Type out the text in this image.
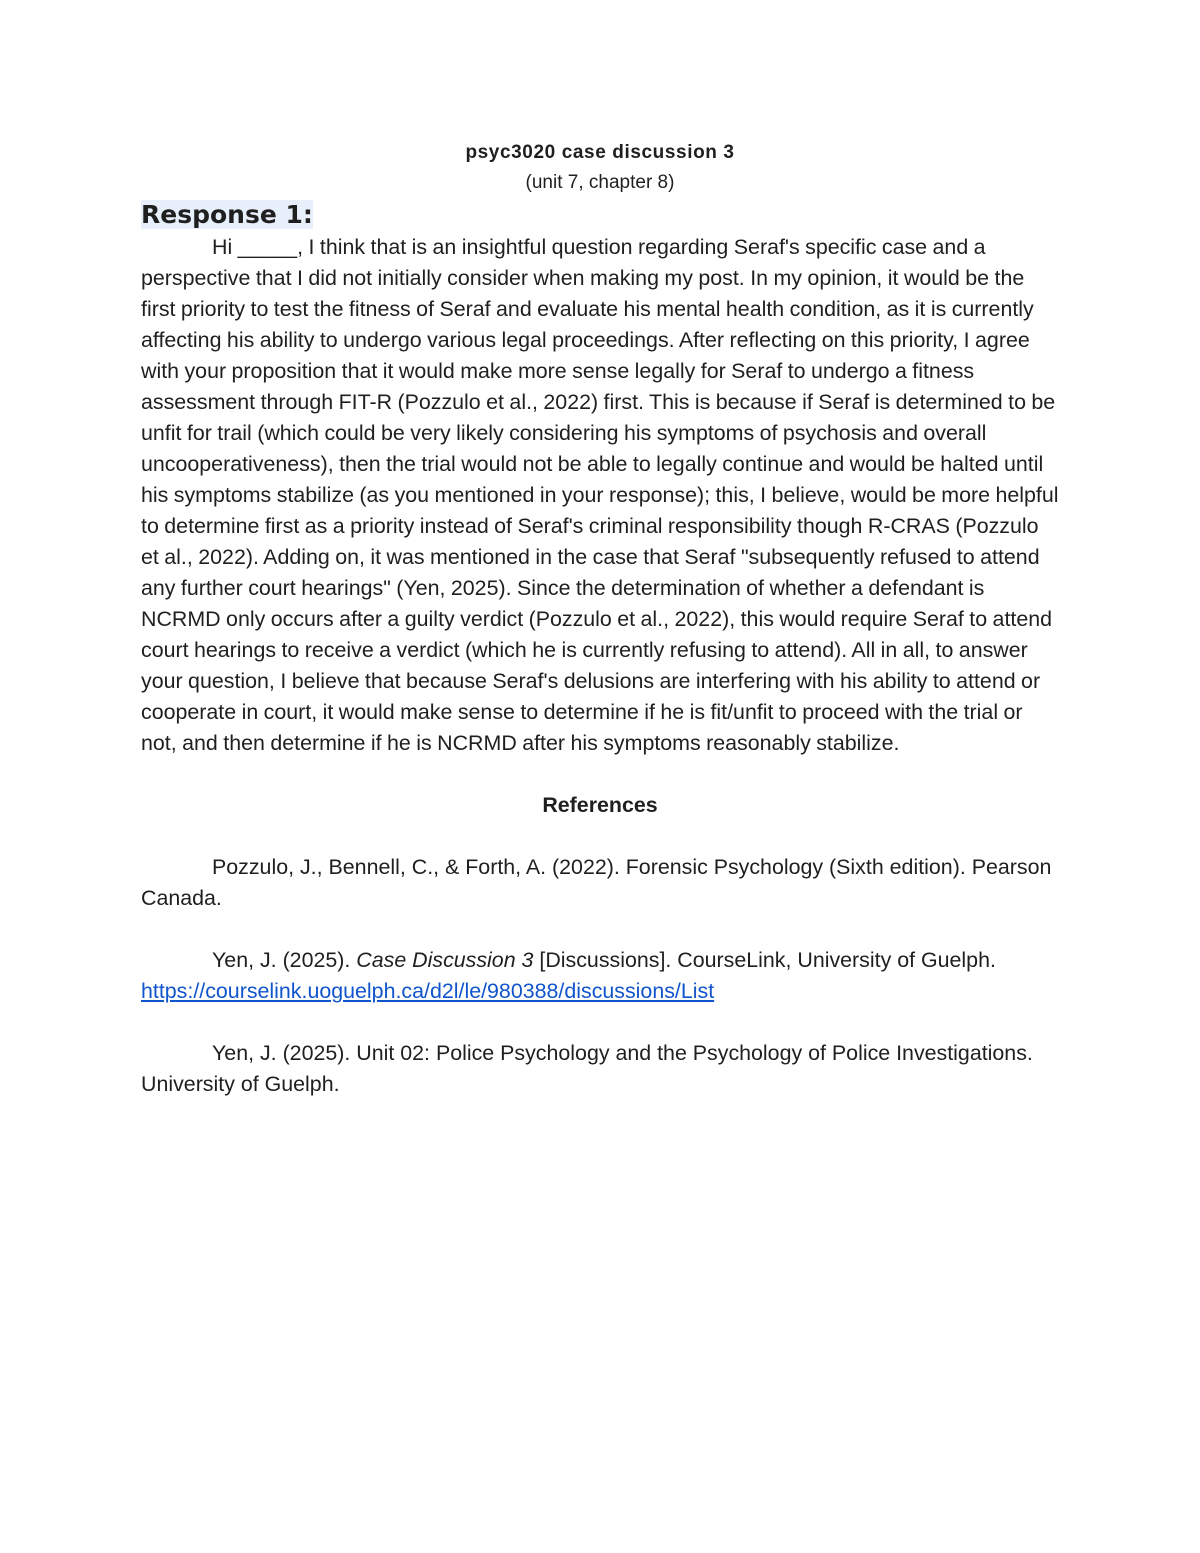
psyc3020 case discussion 3

(unit 7, chapter 8)

Response 1:

Hi _____, I think that is an insightful question regarding Seraf's specific case and a perspective that I did not initially consider when making my post. In my opinion, it would be the first priority to test the fitness of Seraf and evaluate his mental health condition, as it is currently affecting his ability to undergo various legal proceedings. After reflecting on this priority, I agree with your proposition that it would make more sense legally for Seraf to undergo a fitness assessment through FIT-R (Pozzulo et al., 2022) first. This is because if Seraf is determined to be unfit for trail (which could be very likely considering his symptoms of psychosis and overall uncooperativeness), then the trial would not be able to legally continue and would be halted until his symptoms stabilize (as you mentioned in your response); this, I believe, would be more helpful to determine first as a priority instead of Seraf's criminal responsibility though R-CRAS (Pozzulo et al., 2022). Adding on, it was mentioned in the case that Seraf "subsequently refused to attend any further court hearings" (Yen, 2025). Since the determination of whether a defendant is NCRMD only occurs after a guilty verdict (Pozzulo et al., 2022), this would require Seraf to attend court hearings to receive a verdict (which he is currently refusing to attend). All in all, to answer your question, I believe that because Seraf's delusions are interfering with his ability to attend or cooperate in court, it would make sense to determine if he is fit/unfit to proceed with the trial or not, and then determine if he is NCRMD after his symptoms reasonably stabilize.

References

Pozzulo, J., Bennell, C., & Forth, A. (2022). Forensic Psychology (Sixth edition). Pearson Canada.

Yen, J. (2025). Case Discussion 3 [Discussions]. CourseLink, University of Guelph. https://courselink.uoguelph.ca/d2l/le/980388/discussions/List

Yen, J. (2025). Unit 02: Police Psychology and the Psychology of Police Investigations. University of Guelph.
